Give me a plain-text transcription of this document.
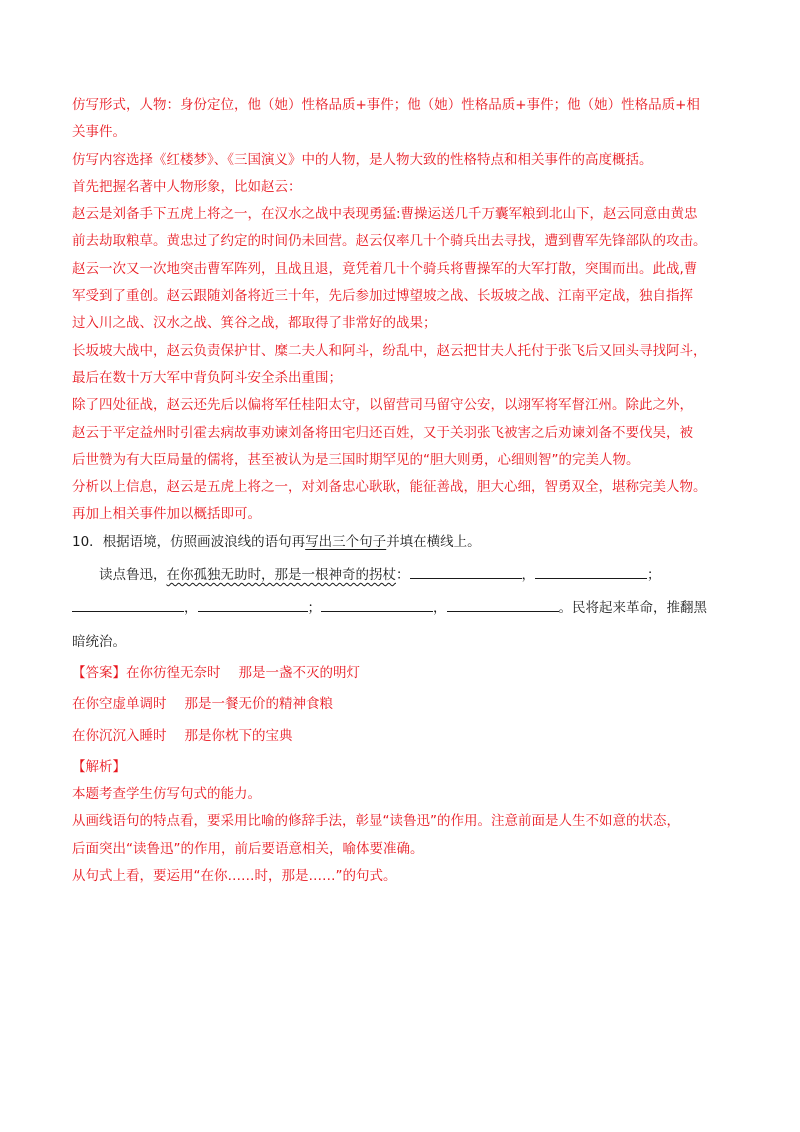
仿写形式，人物：身份定位，他（她）性格品质+事件；他（她）性格品质+事件；他（她）性格品质+相
关事件。
仿写内容选择《红楼梦》、《三国演义》中的人物，是人物大致的性格特点和相关事件的高度概括。
首先把握名著中人物形象，比如赵云：
赵云是刘备手下五虎上将之一，在汉水之战中表现勇猛:曹操运送几千万囊军粮到北山下，赵云同意由黄忠
前去劫取粮草。黄忠过了约定的时间仍未回营。赵云仅率几十个骑兵出去寻找，遭到曹军先锋部队的攻击。
赵云一次又一次地突击曹军阵列，且战且退，竟凭着几十个骑兵将曹操军的大军打散，突围而出。此战,曹
军受到了重创。赵云跟随刘备将近三十年，先后参加过博望坡之战、长坂坡之战、江南平定战，独自指挥
过入川之战、汉水之战、箕谷之战，都取得了非常好的战果；
长坂坡大战中，赵云负责保护甘、糜二夫人和阿斗，纷乱中，赵云把甘夫人托付于张飞后又回头寻找阿斗，
最后在数十万大军中背负阿斗安全杀出重围；
除了四处征战，赵云还先后以偏将军任桂阳太守，以留营司马留守公安，以翊军将军督江州。除此之外，
赵云于平定益州时引霍去病故事劝谏刘备将田宅归还百姓，又于关羽张飞被害之后劝谏刘备不要伐吴，被
后世赞为有大臣局量的儒将，甚至被认为是三国时期罕见的“胆大则勇，心细则智”的完美人物。
分析以上信息，赵云是五虎上将之一，对刘备忠心耿耿，能征善战，胆大心细，智勇双全，堪称完美人物。
再加上相关事件加以概括即可。
10．根据语境，仿照画波浪线的语句再写出三个句子并填在横线上。
读点鲁迅，在你孤独无助时，那是一根神奇的拐杖：	，	；
，	；	，	。民将起来革命，推翻黑
暗统治。
【答案】在你彷徨无奈时 那是一盏不灭的明灯
在你空虚单调时 那是一餐无价的精神食粮
在你沉沉入睡时 那是你枕下的宝典
【解析】
本题考查学生仿写句式的能力。
从画线语句的特点看，要采用比喻的修辞手法，彰显“读鲁迅”的作用。注意前面是人生不如意的状态，
后面突出“读鲁迅”的作用，前后要语意相关，喻体要准确。
从句式上看，要运用“在你……时，那是……”的句式。
